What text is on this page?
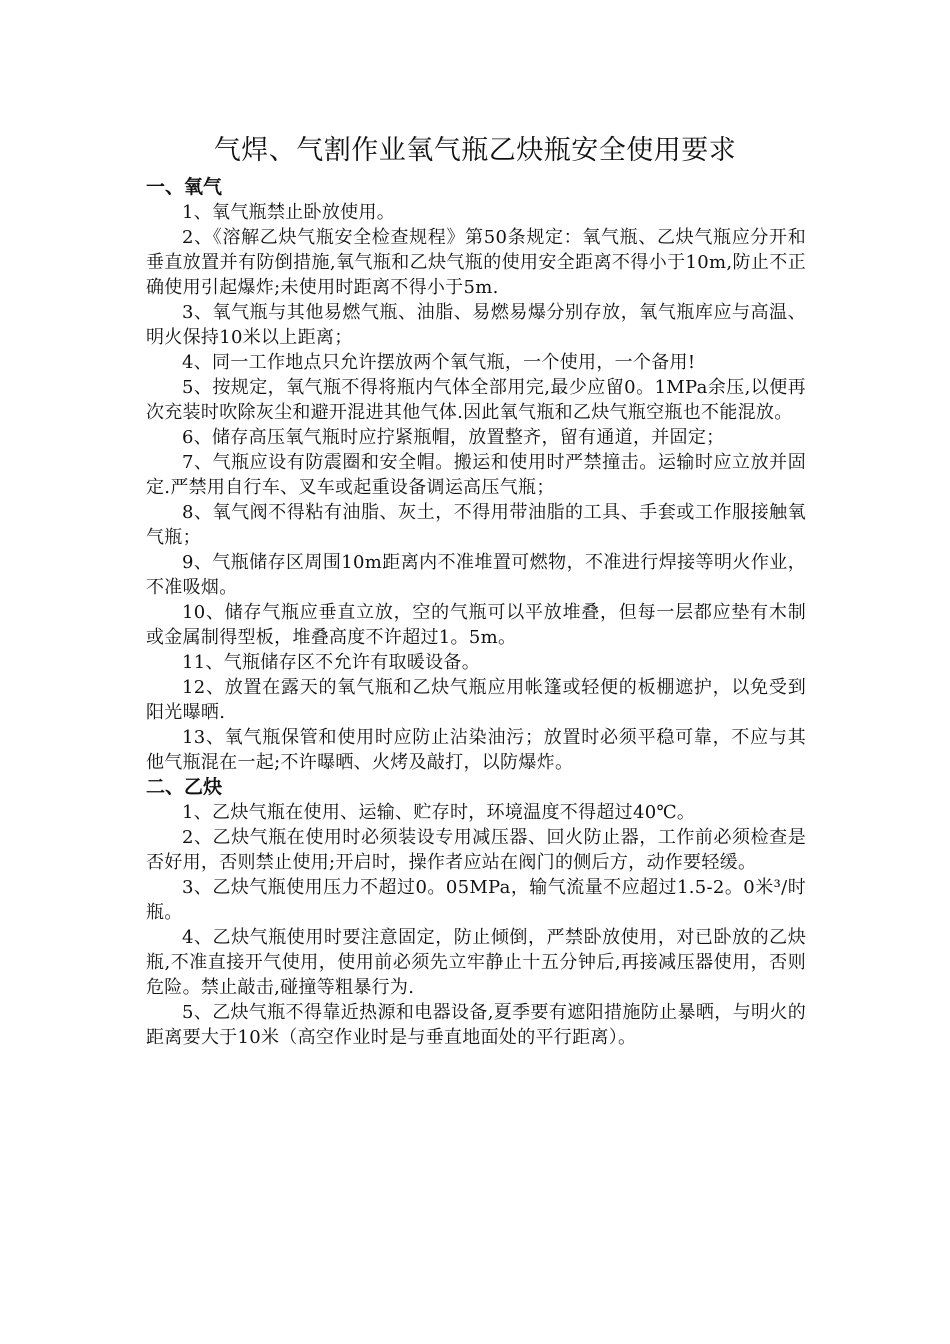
气焊、气割作业氧气瓶乙炔瓶安全使用要求
一、氧气

1、氧气瓶禁止卧放使用。

2、《溶解乙炔气瓶安全检查规程》第50条规定：氧气瓶、乙炔气瓶应分开和垂直放置并有防倒措施,氧气瓶和乙炔气瓶的使用安全距离不得小于10m,防止不正确使用引起爆炸;未使用时距离不得小于5m.

3、氧气瓶与其他易燃气瓶、油脂、易燃易爆分别存放，氧气瓶库应与高温、明火保持10米以上距离；

4、同一工作地点只允许摆放两个氧气瓶，一个使用，一个备用!

5、按规定，氧气瓶不得将瓶内气体全部用完,最少应留0。1MPa余压,以便再次充装时吹除灰尘和避开混进其他气体.因此氧气瓶和乙炔气瓶空瓶也不能混放。

6、储存高压氧气瓶时应拧紧瓶帽，放置整齐，留有通道，并固定；

7、气瓶应设有防震圈和安全帽。搬运和使用时严禁撞击。运输时应立放并固定.严禁用自行车、叉车或起重设备调运高压气瓶；

8、氧气阀不得粘有油脂、灰土，不得用带油脂的工具、手套或工作服接触氧气瓶；

9、气瓶储存区周围10m距离内不准堆置可燃物，不准进行焊接等明火作业，不准吸烟。

10、储存气瓶应垂直立放，空的气瓶可以平放堆叠，但每一层都应垫有木制或金属制得型板，堆叠高度不许超过1。5m。

11、气瓶储存区不允许有取暖设备。

12、放置在露天的氧气瓶和乙炔气瓶应用帐篷或轻便的板棚遮护，以免受到阳光曝晒.

13、氧气瓶保管和使用时应防止沾染油污；放置时必须平稳可靠，不应与其他气瓶混在一起;不许曝晒、火烤及敲打，以防爆炸。

二、乙炔

1、乙炔气瓶在使用、运输、贮存时，环境温度不得超过40℃。

2、乙炔气瓶在使用时必须装设专用减压器、回火防止器，工作前必须检查是否好用，否则禁止使用;开启时，操作者应站在阀门的侧后方，动作要轻缓。

3、乙炔气瓶使用压力不超过0。05MPa，输气流量不应超过1.5-2。0米³/时瓶。

4、乙炔气瓶使用时要注意固定，防止倾倒，严禁卧放使用，对已卧放的乙炔瓶,不准直接开气使用，使用前必须先立牢静止十五分钟后,再接减压器使用，否则危险。禁止敲击,碰撞等粗暴行为.

5、乙炔气瓶不得靠近热源和电器设备,夏季要有遮阳措施防止暴晒，与明火的距离要大于10米（高空作业时是与垂直地面处的平行距离）。
